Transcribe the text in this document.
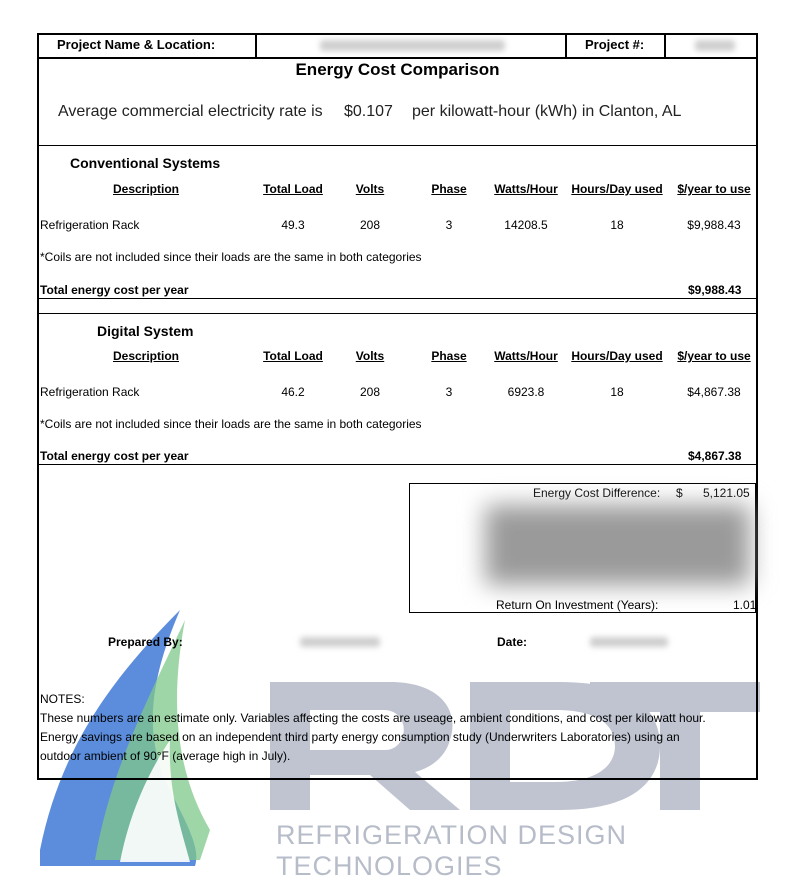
REFRIGERATION DESIGN TECHNOLOGIES
Project Name & Location:	Project #:
Energy Cost Comparison
Average commercial electricity rate is $0.107 per kilowatt-hour (kWh) in Clanton, AL
Conventional Systems
Description	Total Load	Volts	Phase	Watts/Hour	Hours/Day used	$/year to use
Refrigeration Rack	49.3	208	3	14208.5	18	$9,988.43
*Coils are not included since their loads are the same in both categories
Total energy cost per year	$9,988.43
Digital System
Description	Total Load	Volts	Phase	Watts/Hour	Hours/Day used	$/year to use
Refrigeration Rack	46.2	208	3	6923.8	18	$4,867.38
*Coils are not included since their loads are the same in both categories
Total energy cost per year	$4,867.38
Energy Cost Difference: $ 5,121.05
Return On Investment (Years):	1.01
Prepared By:	Date:
NOTES:
These numbers are an estimate only. Variables affecting the costs are useage, ambient conditions, and cost per kilowatt hour.
Energy savings are based on an independent third party energy consumption study (Underwriters Laboratories) using an outdoor ambient of 90°F (average high in July).
